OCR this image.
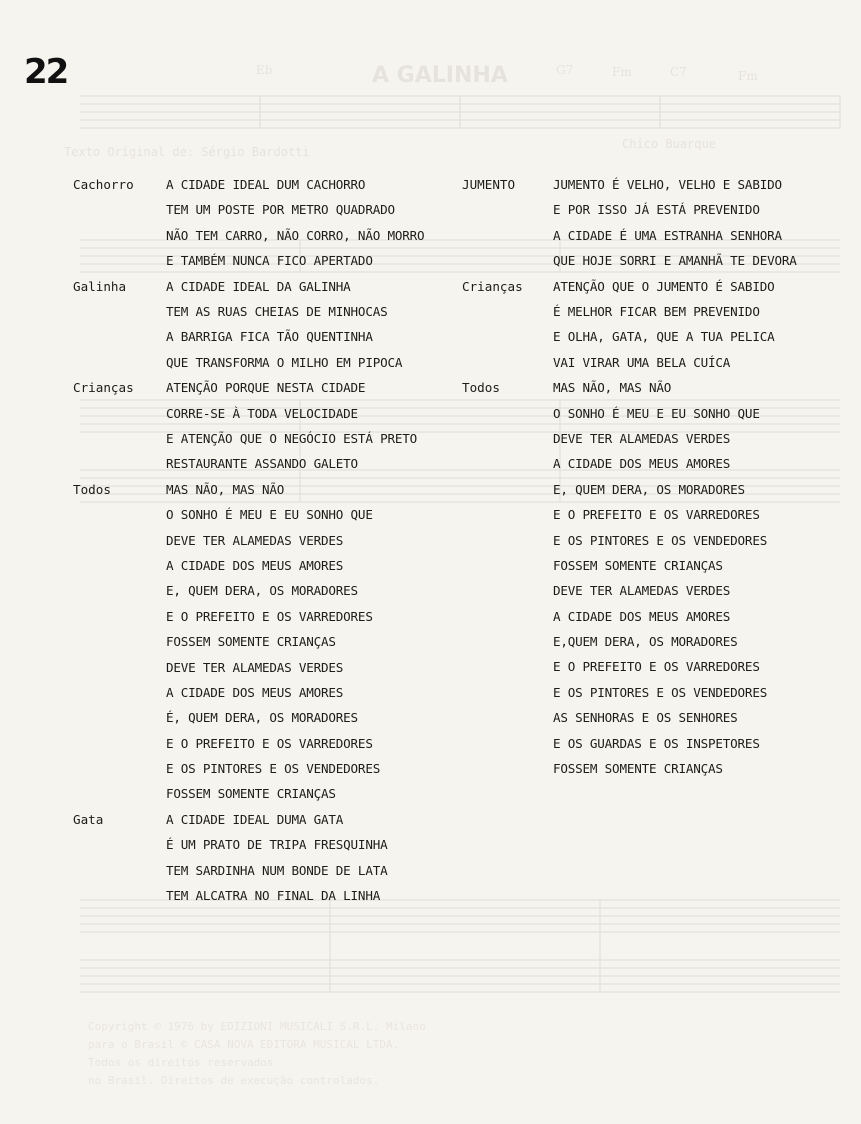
A GALINHA
Texto Original de: Sérgio Bardotti
Chico Buarque
C7
Fm
G7	Fm
Eb
Copyright © 1976 by EDIZIONI MUSICALI S.R.L. Milano
para o Brasil © CASA NOVA EDITORA MUSICAL LTDA.
Todos os direitos reservados
no Brasil. Direitos de execução controlados.
22
Cachorro	A CIDADE IDEAL DUM CACHORRO
TEM UM POSTE POR METRO QUADRADO
NÃO TEM CARRO, NÃO CORRO, NÃO MORRO
E TAMBÉM NUNCA FICO APERTADO
Galinha	A CIDADE IDEAL DA GALINHA
TEM AS RUAS CHEIAS DE MINHOCAS
A BARRIGA FICA TÃO QUENTINHA
QUE TRANSFORMA O MILHO EM PIPOCA
Crianças	ATENÇÃO PORQUE NESTA CIDADE
CORRE-SE À TODA VELOCIDADE
E ATENÇÃO QUE O NEGÓCIO ESTÁ PRETO
RESTAURANTE ASSANDO GALETO
Todos	MAS NÃO, MAS NÃO
O SONHO É MEU E EU SONHO QUE
DEVE TER ALAMEDAS VERDES
A CIDADE DOS MEUS AMORES
E, QUEM DERA, OS MORADORES
E O PREFEITO E OS VARREDORES
FOSSEM SOMENTE CRIANÇAS
DEVE TER ALAMEDAS VERDES
A CIDADE DOS MEUS AMORES
É, QUEM DERA, OS MORADORES
E O PREFEITO E OS VARREDORES
E OS PINTORES E OS VENDEDORES
FOSSEM SOMENTE CRIANÇAS
Gata	A CIDADE IDEAL DUMA GATA
É UM PRATO DE TRIPA FRESQUINHA
TEM SARDINHA NUM BONDE DE LATA
TEM ALCATRA NO FINAL DA LINHA
JUMENTO	JUMENTO É VELHO, VELHO E SABIDO
E POR ISSO JÁ ESTÁ PREVENIDO
A CIDADE É UMA ESTRANHA SENHORA
QUE HOJE SORRI E AMANHÃ TE DEVORA
Crianças ATENÇÃO QUE O JUMENTO É SABIDO
É MELHOR FICAR BEM PREVENIDO
E OLHA, GATA, QUE A TUA PELICA
VAI VIRAR UMA BELA CUÍCA
Todos	MAS NÃO, MAS NÃO
O SONHO É MEU E EU SONHO QUE
DEVE TER ALAMEDAS VERDES
A CIDADE DOS MEUS AMORES
E, QUEM DERA, OS MORADORES
E O PREFEITO E OS VARREDORES
E OS PINTORES E OS VENDEDORES
FOSSEM SOMENTE CRIANÇAS
DEVE TER ALAMEDAS VERDES
A CIDADE DOS MEUS AMORES
E,QUEM DERA, OS MORADORES
E O PREFEITO E OS VARREDORES
E OS PINTORES E OS VENDEDORES
AS SENHORAS E OS SENHORES
E OS GUARDAS E OS INSPETORES
FOSSEM SOMENTE CRIANÇAS
